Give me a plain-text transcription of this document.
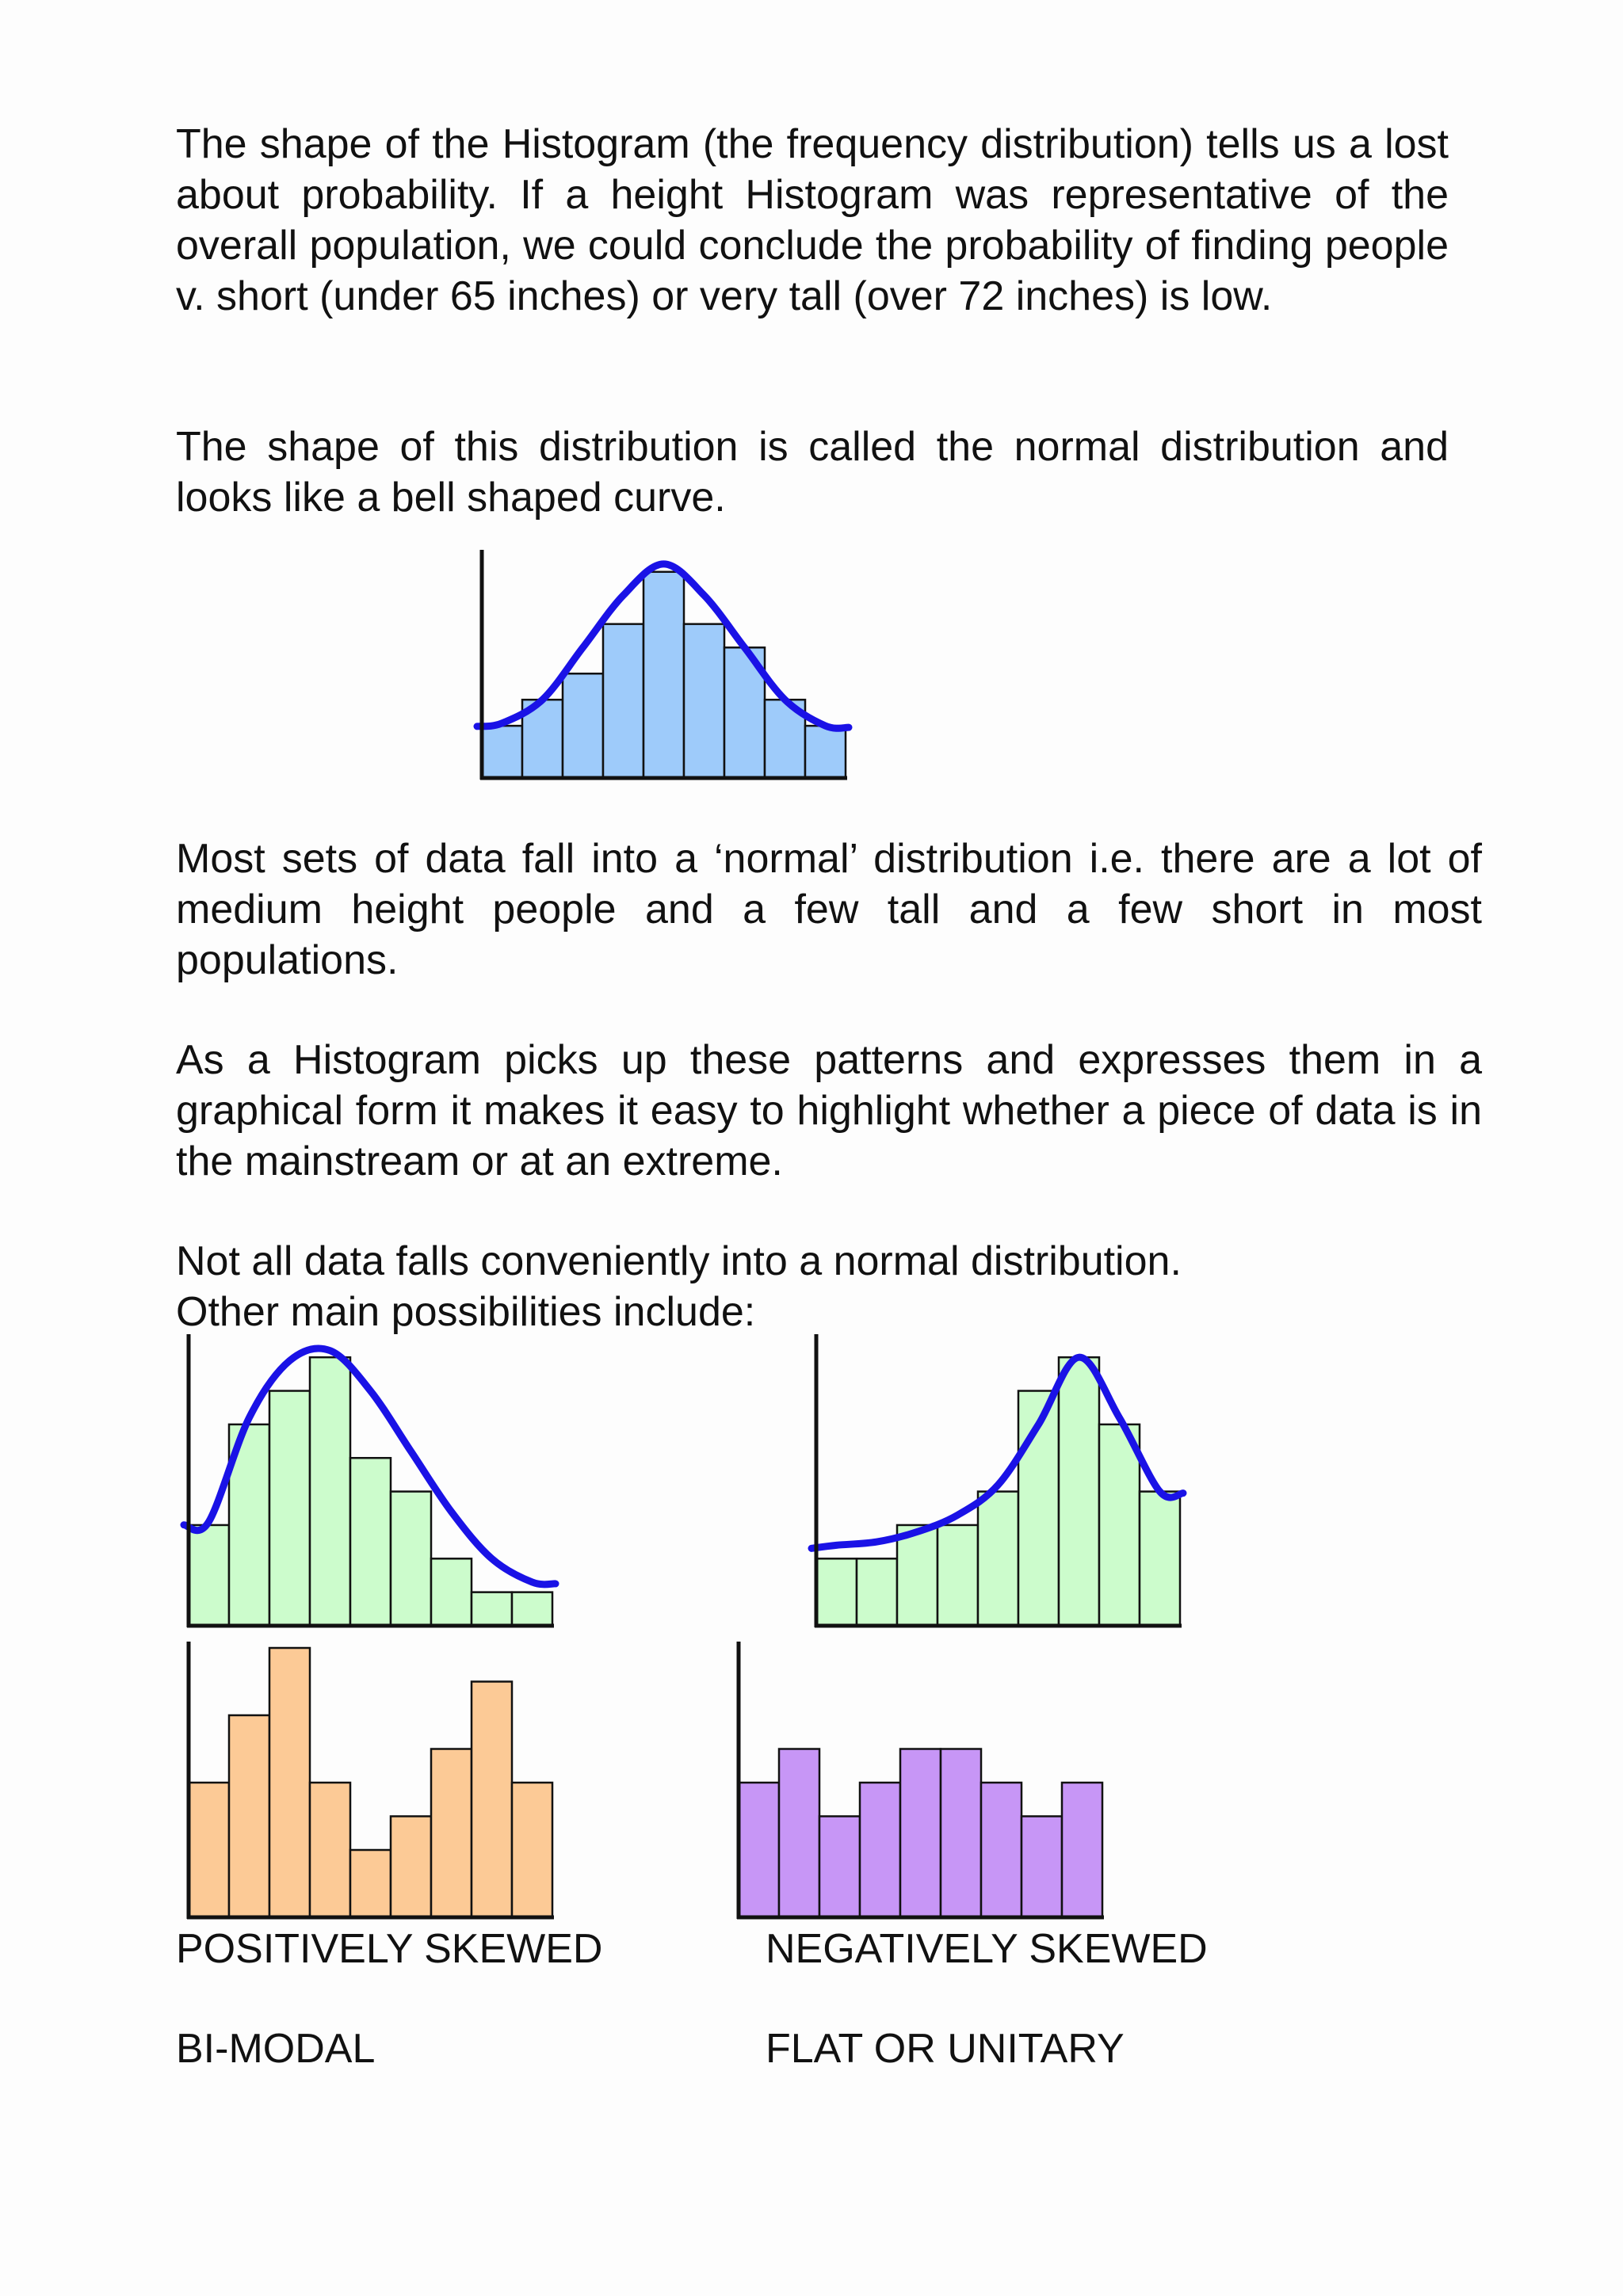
The shape of the Histogram (the frequency distribution) tells us a lost about probability. If a height Histogram was representative of the overall population, we could conclude the probability of finding people v. short (under 65 inches) or very tall (over 72 inches) is low.

The shape of this distribution is called the normal distribution and looks like a bell shaped curve.

Most sets of data fall into a ‘normal’ distribution i.e. there are a lot of medium height people and a few tall and a few short in most populations.

As a Histogram picks up these patterns and expresses them in a graphical form it makes it easy to highlight whether a piece of data is in the mainstream or at an extreme.

Not all data falls conveniently into a normal distribution.

Other main possibilities include:

POSITIVELY SKEWED	NEGATIVELY SKEWED

BI-MODAL	FLAT OR UNITARY
